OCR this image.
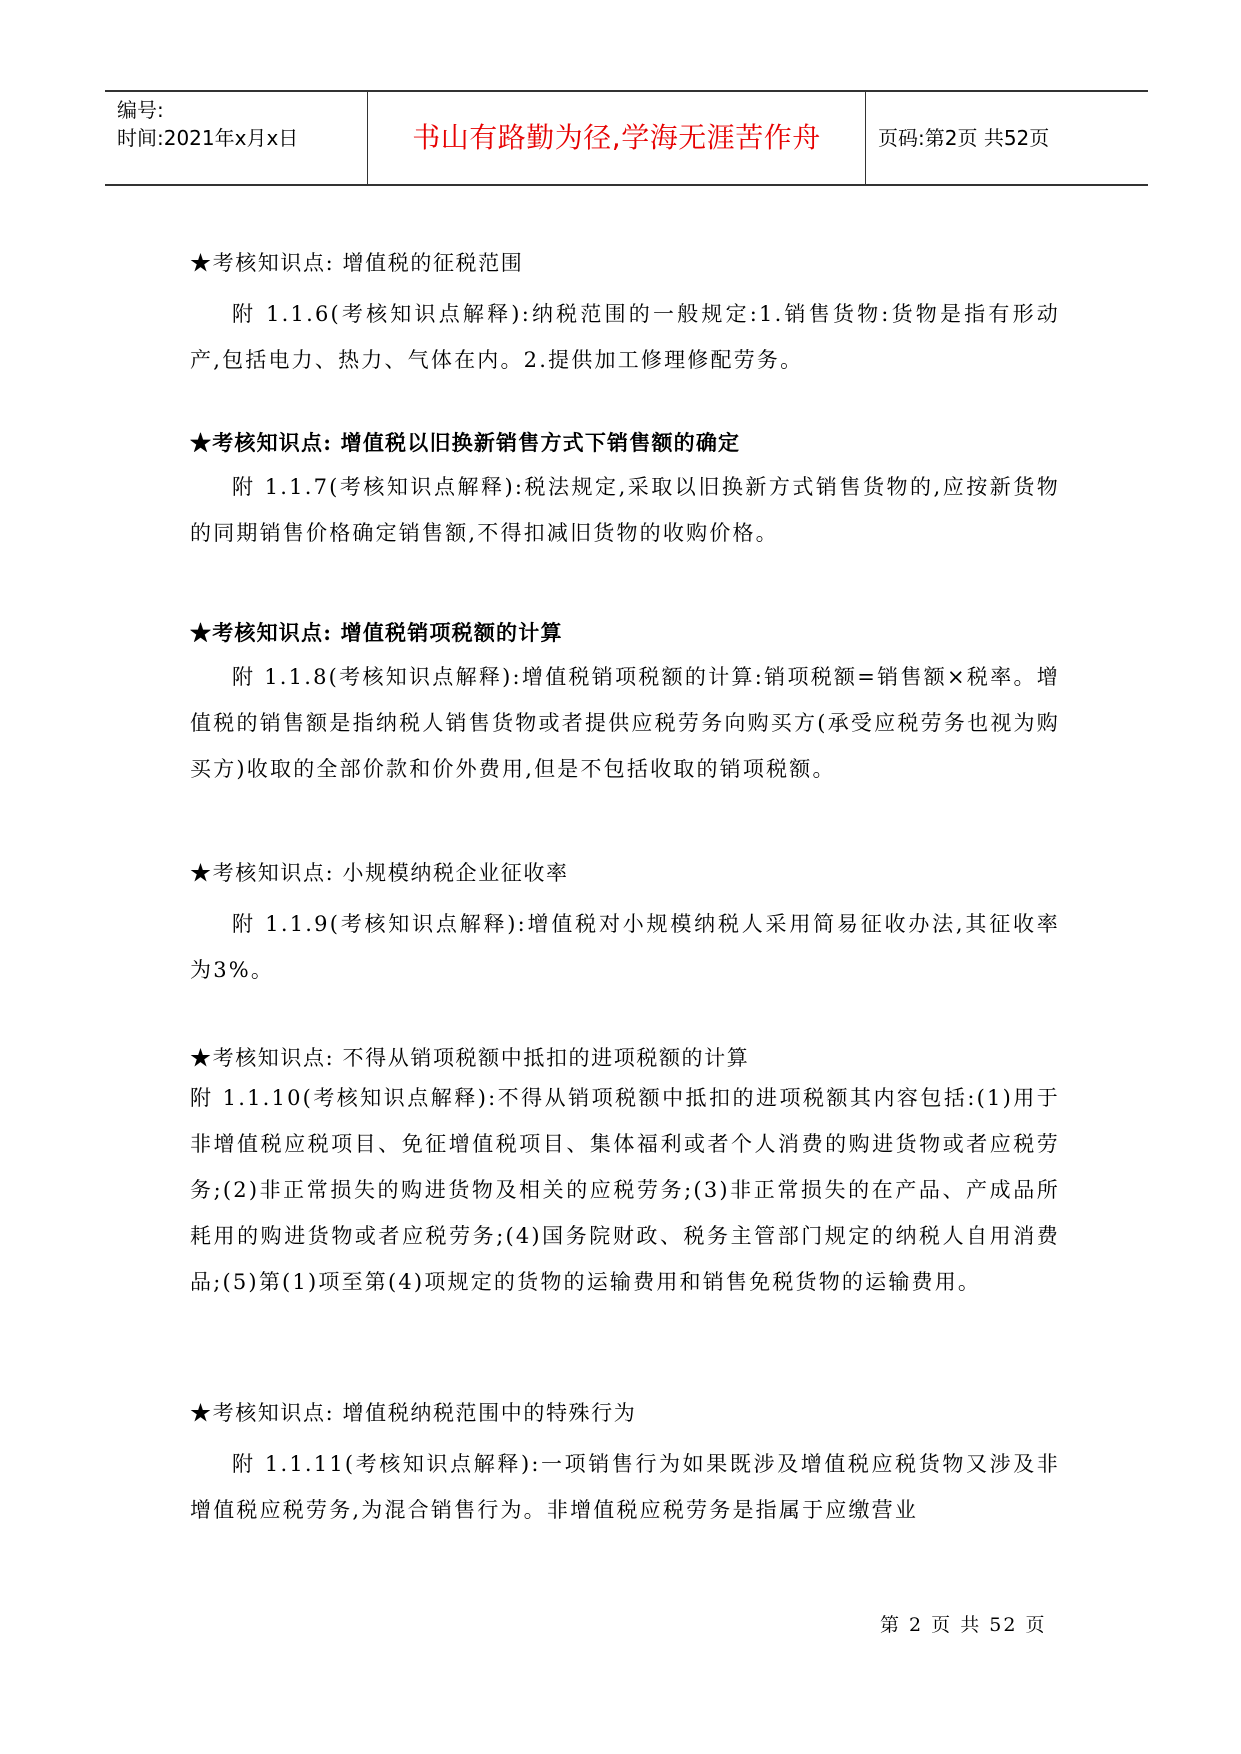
编号:
时间:2021年x月x日	书山有路勤为径,学海无涯苦作舟	页码:第2页 共52页
★考核知识点: 增值税的征税范围
附 1.1.6(考核知识点解释):纳税范围的一般规定:1.销售货物:货物是指有形动产,包括电力、热力、气体在内。2.提供加工修理修配劳务。
★考核知识点: 增值税以旧换新销售方式下销售额的确定
附 1.1.7(考核知识点解释):税法规定,采取以旧换新方式销售货物的,应按新货物的同期销售价格确定销售额,不得扣减旧货物的收购价格。
★考核知识点: 增值税销项税额的计算
附 1.1.8(考核知识点解释):增值税销项税额的计算:销项税额=销售额×税率。增值税的销售额是指纳税人销售货物或者提供应税劳务向购买方(承受应税劳务也视为购买方)收取的全部价款和价外费用,但是不包括收取的销项税额。
★考核知识点: 小规模纳税企业征收率
附 1.1.9(考核知识点解释):增值税对小规模纳税人采用简易征收办法,其征收率为3%。
★考核知识点: 不得从销项税额中抵扣的进项税额的计算
附 1.1.10(考核知识点解释):不得从销项税额中抵扣的进项税额其内容包括:(1)用于非增值税应税项目、免征增值税项目、集体福利或者个人消费的购进货物或者应税劳务;(2)非正常损失的购进货物及相关的应税劳务;(3)非正常损失的在产品、产成品所耗用的购进货物或者应税劳务;(4)国务院财政、税务主管部门规定的纳税人自用消费品;(5)第(1)项至第(4)项规定的货物的运输费用和销售免税货物的运输费用。
★考核知识点: 增值税纳税范围中的特殊行为
附 1.1.11(考核知识点解释):一项销售行为如果既涉及增值税应税货物又涉及非增值税应税劳务,为混合销售行为。非增值税应税劳务是指属于应缴营业
第 2 页 共 52 页
